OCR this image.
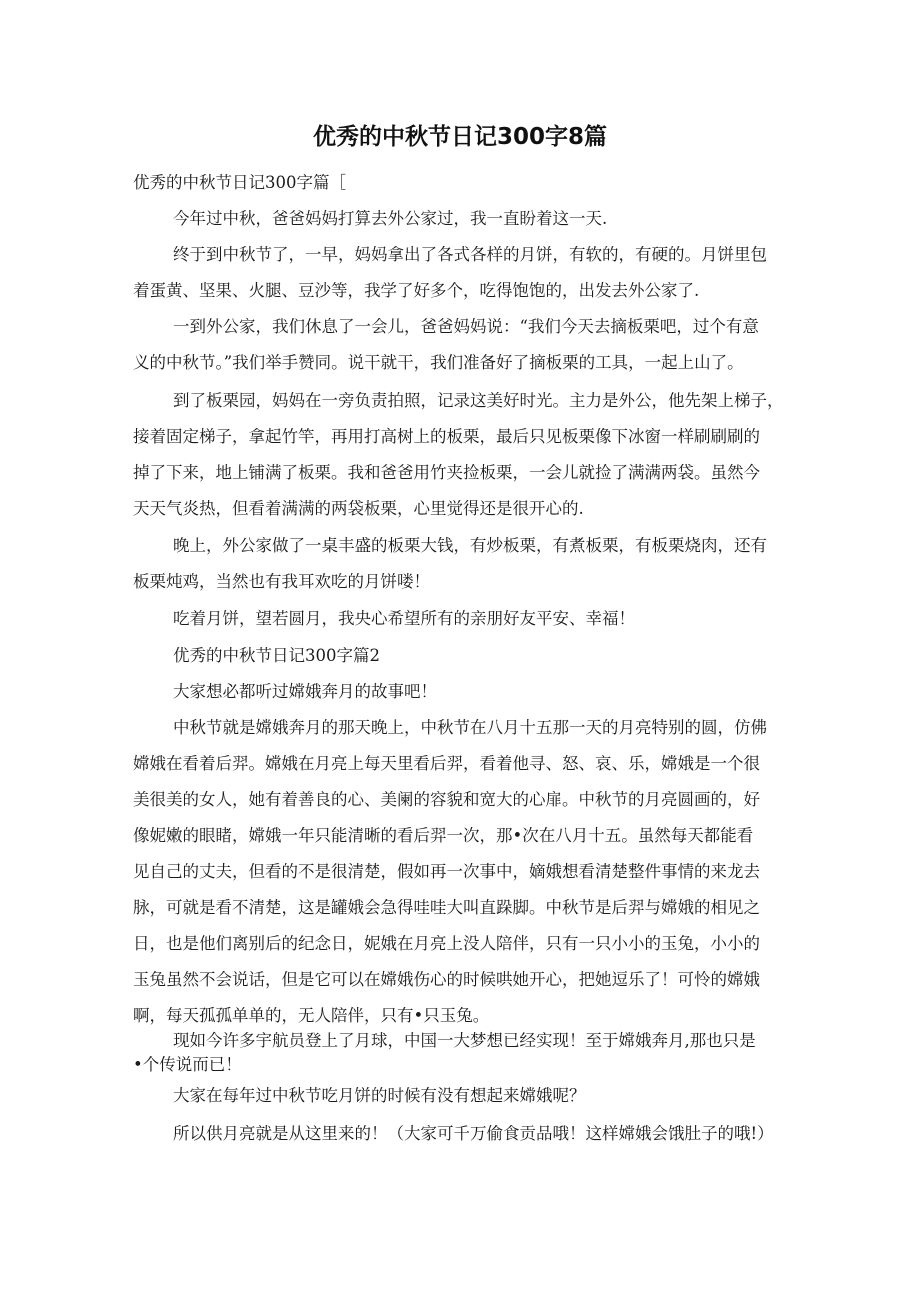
优秀的中秋节日记300字8篇
优秀的中秋节日记300字篇［
今年过中秋，爸爸妈妈打算去外公家过，我一直盼着这一天.
终于到中秋节了，一早，妈妈拿出了各式各样的月饼，有软的，有硬的。月饼里包
着蛋黄、坚果、火腿、豆沙等，我学了好多个，吃得饱饱的，出发去外公家了.
一到外公家，我们休息了一会儿，爸爸妈妈说：“我们今天去摘板栗吧，过个有意
义的中秋节。”我们举手赞同。说干就干，我们准备好了摘板栗的工具，一起上山了。
到了板栗园，妈妈在一旁负责拍照，记录这美好时光。主力是外公，他先架上梯子，
接着固定梯子，拿起竹竿，再用打高树上的板栗，最后只见板栗像下冰窗一样刷刷刷的
掉了下来，地上铺满了板栗。我和爸爸用竹夹捡板栗，一会儿就捡了满满两袋。虽然今
天天气炎热，但看着满满的两袋板栗，心里觉得还是很开心的.
晚上，外公家做了一桌丰盛的板栗大钱，有炒板栗，有煮板栗，有板栗烧肉，还有
板栗炖鸡，当然也有我耳欢吃的月饼喽！
吃着月饼，望若圆月，我央心希望所有的亲朋好友平安、幸福！
优秀的中秋节日记300字篇2
大家想必都听过嫦娥奔月的故事吧！
中秋节就是嫦娥奔月的那天晚上，中秋节在八月十五那一天的月亮特别的圆，仿佛
嫦娥在看着后羿。嫦娥在月亮上每天里看后羿，看着他寻、怒、哀、乐，嫦娥是一个很
美很美的女人，她有着善良的心、美阑的容貌和宽大的心扉。中秋节的月亮圆画的，好
像妮嫩的眼睹，嫦娥一年只能清晰的看后羿一次，那•次在八月十五。虽然每天都能看
见自己的丈夫，但看的不是很清楚，假如再一次事中，嫡娥想看清楚整件事情的来龙去
脉，可就是看不清楚，这是罐娥会急得哇哇大叫直跺脚。中秋节是后羿与嫦娥的相见之
日，也是他们离别后的纪念日，妮娥在月亮上没人陪伴，只有一只小小的玉兔，小小的
玉兔虽然不会说话，但是它可以在嫦娥伤心的时候哄她开心，把她逗乐了！可怜的嫦娥
啊，每天孤孤单单的，无人陪伴，只有•只玉兔。
现如今许多宇航员登上了月球，中国一大梦想已经实现！至于嫦娥奔月,那也只是
•个传说而已！
大家在每年过中秋节吃月饼的时候有没有想起来嫦娥呢？
所以供月亮就是从这里来的！（大家可千万偷食贡品哦！这样嫦娥会饿肚子的哦!）
